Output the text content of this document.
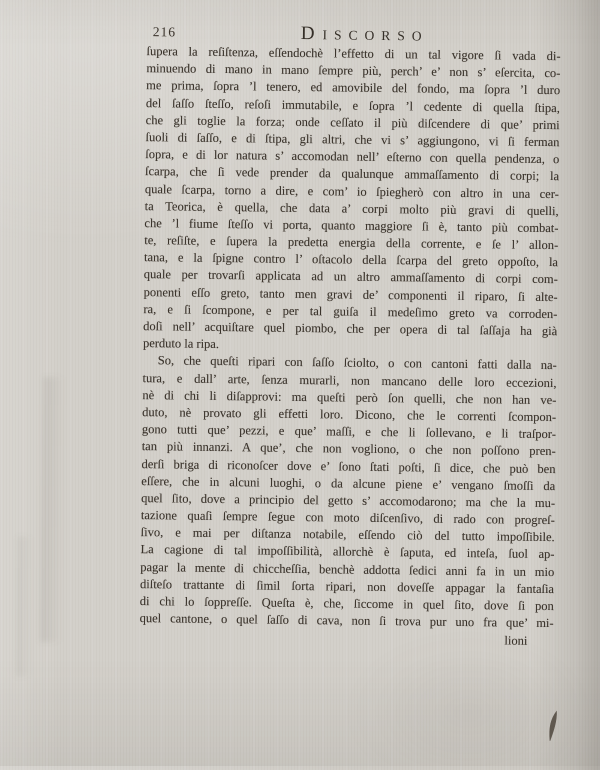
216	DISCORSO
ſupera la reſiſtenza, eſſendochè l’effetto di un tal vigore ſi vada di-
minuendo di mano in mano ſempre più, perch’ e’ non s’ eſercita, co-
me prima, ſopra ’l tenero, ed amovibile del fondo, ma ſopra ’l duro
del ſaſſo ſteſſo, reſoſi immutabile, e ſopra ’l cedente di quella ſtipa,
che gli toglie la forza; onde ceſſato il più diſcendere di que’ primi
ſuoli di ſaſſo, e di ſtipa, gli altri, che vi s’ aggiungono, vi ſi ferman
ſopra, e di lor natura s’ accomodan nell’ eſterno con quella pendenza, o
ſcarpa, che ſi vede prender da qualunque ammaſſamento di corpi; la
quale ſcarpa, torno a dire, e com’ io ſpiegherò con altro in una cer-
ta Teorica, è quella, che data a’ corpi molto più gravi di quelli,
che ’l fiume ſteſſo vi porta, quanto maggiore ſi è, tanto più combat-
te, reſiſte, e ſupera la predetta energia della corrente, e ſe l’ allon-
tana, e la ſpigne contro l’ oſtacolo della ſcarpa del greto oppoſto, la
quale per trovarſi applicata ad un altro ammaſſamento di corpi com-
ponenti eſſo greto, tanto men gravi de’ componenti il riparo, ſi alte-
ra, e ſi ſcompone, e per tal guiſa il medeſimo greto va corroden-
doſi nell’ acquiſtare quel piombo, che per opera di tal ſaſſaja ha già
perduto la ripa.
So, che queſti ripari con ſaſſo ſciolto, o con cantoni fatti dalla na-
tura, e dall’ arte, ſenza murarli, non mancano delle loro eccezioni,
nè di chi li diſapprovi: ma queſti però ſon quelli, che non han ve-
duto, nè provato gli effetti loro. Dicono, che le correnti ſcompon-
gono tutti que’ pezzi, e que’ maſſi, e che li ſollevano, e li traſpor-
tan più innanzi. A que’, che non vogliono, o che non poſſono pren-
derſi briga di riconoſcer dove e’ ſono ſtati poſti, ſi dice, che può ben
eſſere, che in alcuni luoghi, o da alcune piene e’ vengano ſmoſſi da
quel ſito, dove a principio del getto s’ accomodarono; ma che la mu-
tazione quaſi ſempre ſegue con moto diſcenſivo, di rado con progreſ-
ſivo, e mai per diſtanza notabile, eſſendo ciò del tutto impoſſibile.
La cagione di tal impoſſibilità, allorchè è ſaputa, ed inteſa, ſuol ap-
pagar la mente di chiccheſſia, benchè addotta ſedici anni fa in un mio
diſteſo trattante di ſimil ſorta ripari, non doveſſe appagar la fantaſia
di chi lo ſoppreſſe. Queſta è, che, ſiccome in quel ſito, dove ſi pon
quel cantone, o quel ſaſſo di cava, non ſi trova pur uno fra que’ mi-
lioni
